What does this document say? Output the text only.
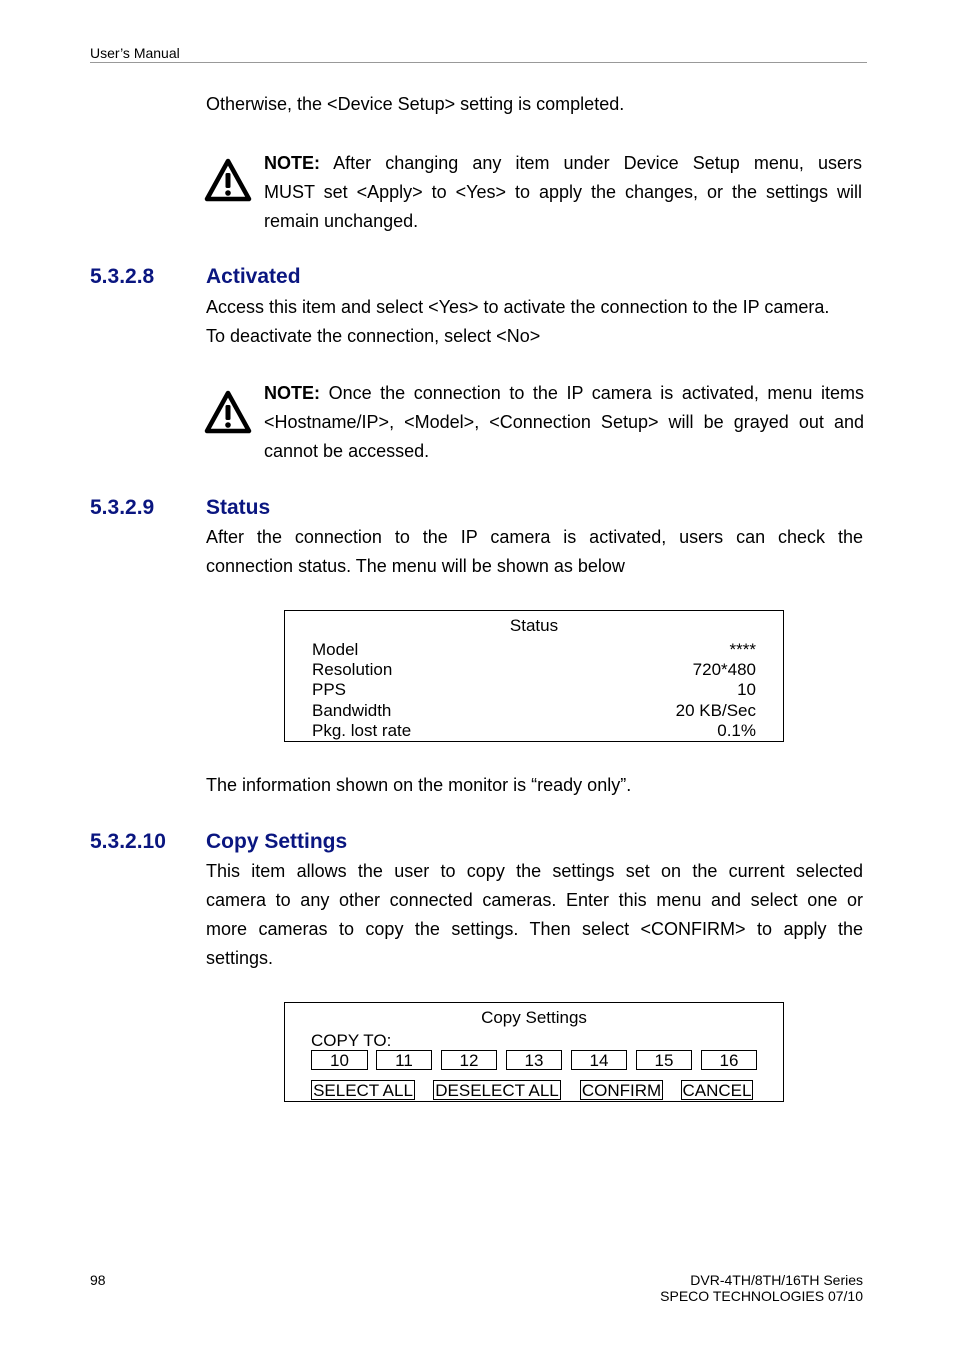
User’s Manual
Otherwise, the <Device Setup> setting is completed.
NOTE: After changing any item under Device Setup menu, users
MUST set <Apply> to <Yes> to apply the changes, or the settings will
remain unchanged.
5.3.2.8 Activated
Access this item and select <Yes> to activate the connection to the IP camera.
To deactivate the connection, select <No>
NOTE: Once the connection to the IP camera is activated, menu items
<Hostname/IP>, <Model>, <Connection Setup> will be grayed out and
cannot be accessed.
5.3.2.9 Status
After the connection to the IP camera is activated, users can check the
connection status. The menu will be shown as below
Status
Model	****
Resolution	720*480
PPS	10
Bandwidth	20 KB/Sec
Pkg. lost rate	0.1%
The information shown on the monitor is “ready only”.
5.3.2.10 Copy Settings
This item allows the user to copy the settings set on the current selected
camera to any other connected cameras. Enter this menu and select one or
more cameras to copy the settings. Then select <CONFIRM> to apply the
settings.
Copy Settings
COPY TO:
10	11	12	13	14	15	16
SELECT ALL DESELECT ALL CONFIRM CANCEL
98	DVR-4TH/8TH/16TH Series
SPECO TECHNOLOGIES 07/10
